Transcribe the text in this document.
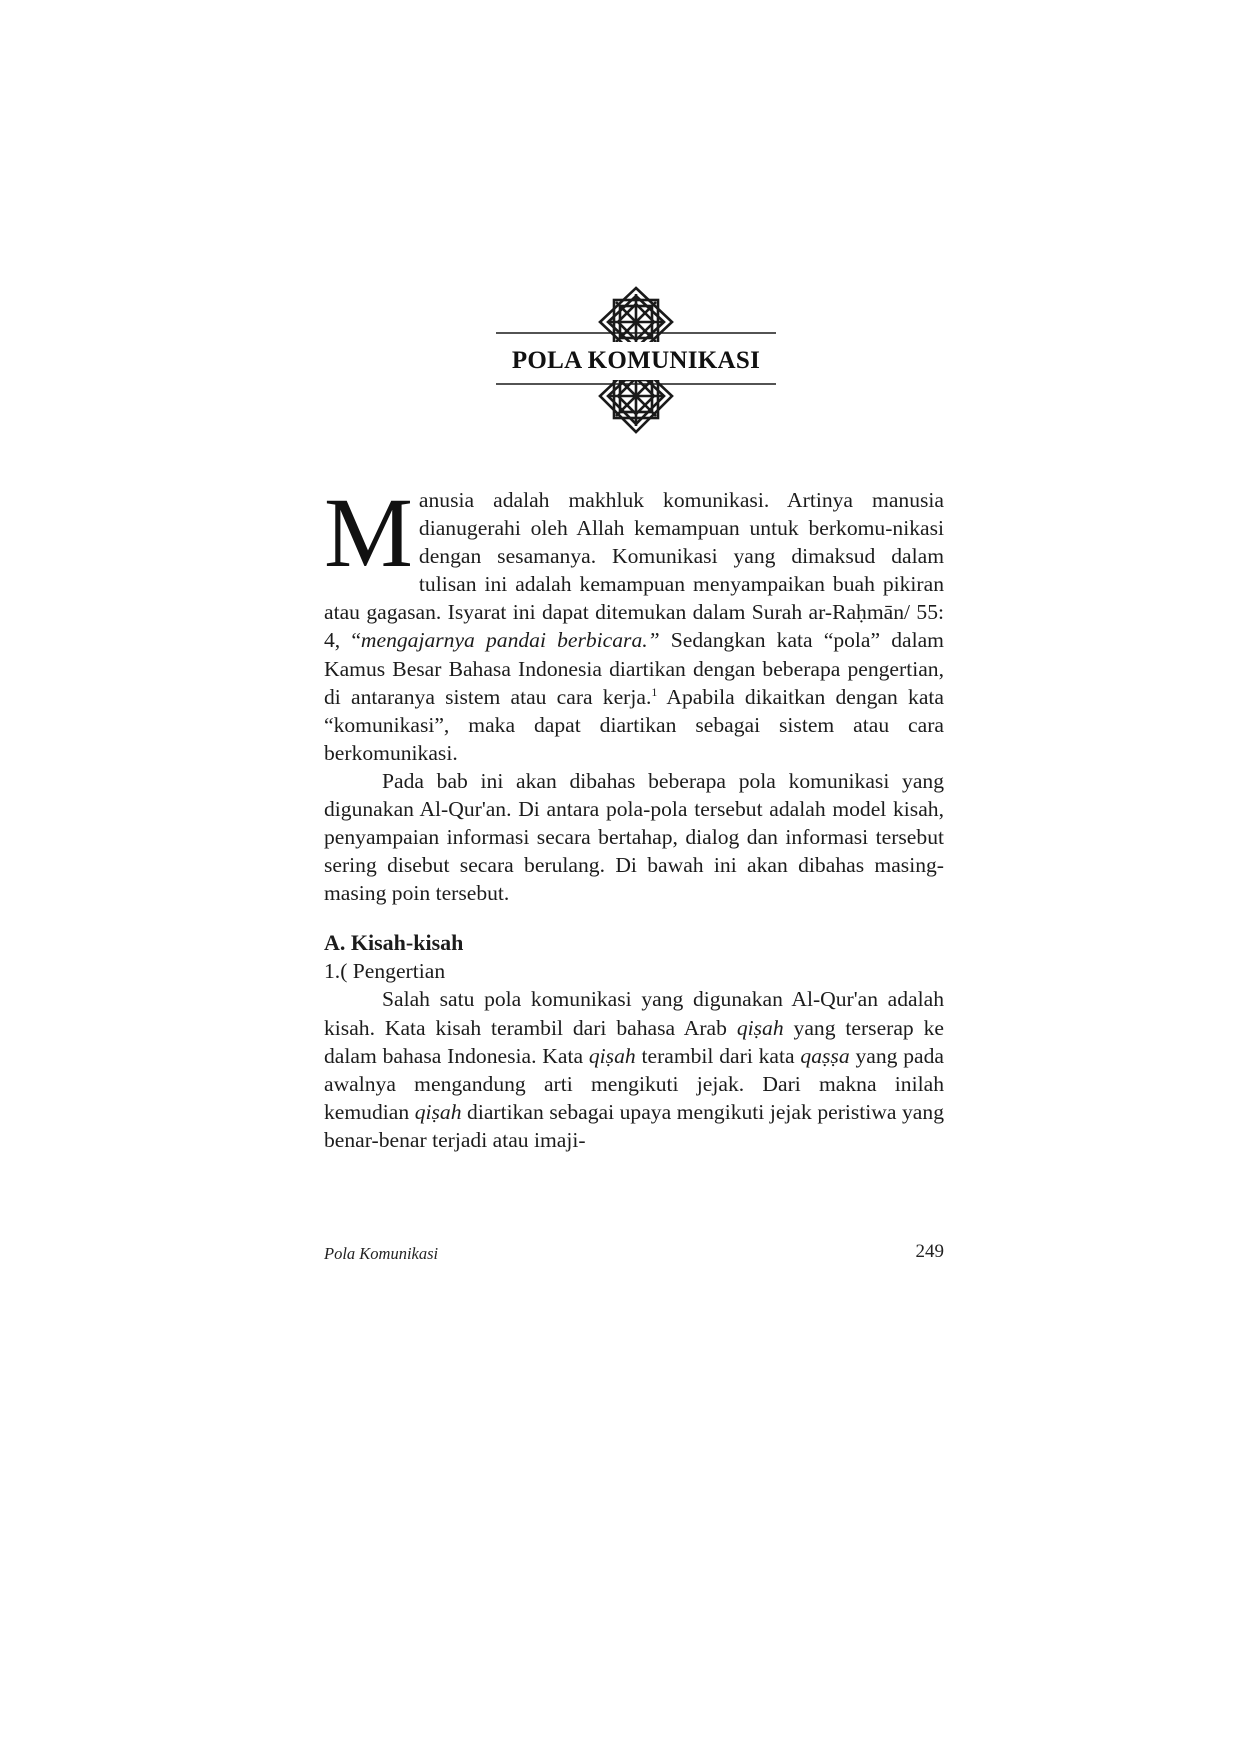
POLA KOMUNIKASI

Manusia adalah makhluk komunikasi. Artinya manusia dianugerahi oleh Allah kemampuan untuk berkomu-nikasi dengan sesamanya. Komunikasi yang dimaksud dalam tulisan ini adalah kemampuan menyampaikan buah pikiran atau gagasan. Isyarat ini dapat ditemukan dalam Surah ar-Raḥmān/ 55: 4, “mengajarnya pandai berbicara.” Sedangkan kata “pola” dalam Kamus Besar Bahasa Indonesia diartikan dengan beberapa pengertian, di antaranya sistem atau cara kerja.$^1$ Apabila dikaitkan dengan kata “komunikasi”, maka dapat diartikan sebagai sistem atau cara berkomunikasi.

Pada bab ini akan dibahas beberapa pola komunikasi yang digunakan Al-Qur'an. Di antara pola-pola tersebut adalah model kisah, penyampaian informasi secara bertahap, dialog dan informasi tersebut sering disebut secara berulang. Di bawah ini akan dibahas masing-masing poin tersebut.

A. Kisah-kisah

1.( Pengertian

Salah satu pola komunikasi yang digunakan Al-Qur'an adalah kisah. Kata kisah terambil dari bahasa Arab qiṣah yang terserap ke dalam bahasa Indonesia. Kata qiṣah terambil dari kata qaṣṣa yang pada awalnya mengandung arti mengikuti jejak. Dari makna inilah kemudian qiṣah diartikan sebagai upaya mengikuti jejak peristiwa yang benar-benar terjadi atau imaji-

Pola Komunikasi	249
